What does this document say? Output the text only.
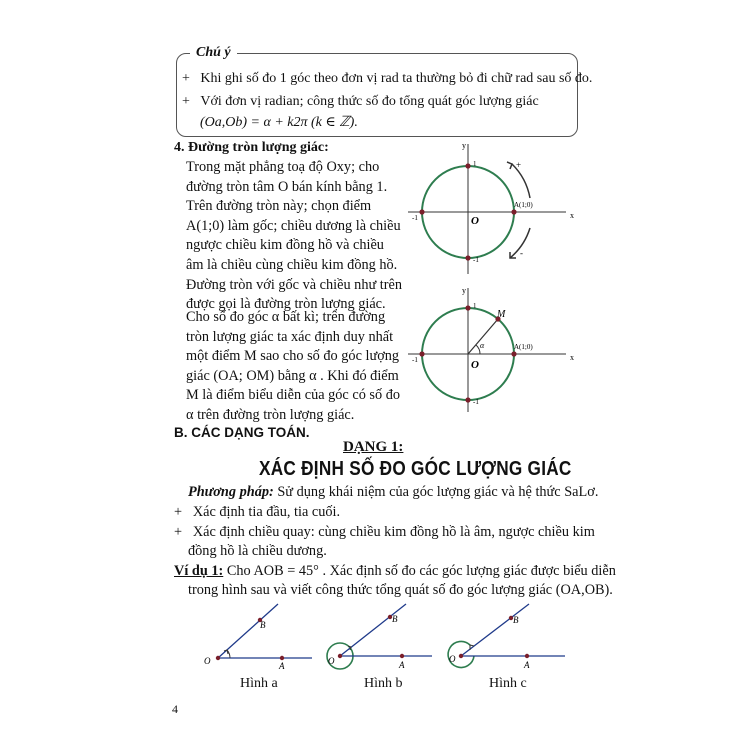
Chú ý
+ Khi ghi số đo 1 góc theo đơn vị rad ta thường bỏ đi chữ rad sau số đo.
+ Với đơn vị radian; công thức số đo tổng quát góc lượng giác
(Oa,Ob) = α + k2π (k ∈ ℤ).
4. Đường tròn lượng giác:
Trong mặt phẳng toạ độ Oxy; cho
đường tròn tâm O bán kính bằng 1.
Trên đường tròn này; chọn điểm
A(1;0) làm gốc; chiều dương là chiều
ngược chiều kim đồng hồ và chiều
âm là chiều cùng chiều kim đồng hồ.
Đường tròn với gốc và chiều như trên
được gọi là đường tròn lượng giác.
Cho số đo góc α bất kì; trên đường
tròn lượng giác ta xác định duy nhất
một điểm M sao cho số đo góc lượng
giác (OA; OM) bằng α . Khi đó điểm
M là điểm biểu diễn của góc có số đo
α trên đường tròn lượng giác.
y
x
1
-1
-1	O
A(1;0)
+
-
y
x
1
-1
-1	O
A(1;0)
M
α
B. CÁC DẠNG TOÁN.
DẠNG 1:
XÁC ĐỊNH SỐ ĐO GÓC LƯỢNG GIÁC
Phương pháp: Sử dụng khái niệm của góc lượng giác và hệ thức SaLơ.
+ Xác định tia đầu, tia cuối.
+ Xác định chiều quay: cùng chiều kim đồng hồ là âm, ngược chiều kim
đồng hồ là chiều dương.
Ví dụ 1: Cho AOB = 45° . Xác định số đo các góc lượng giác được biểu diễn
trong hình sau và viết công thức tổng quát số đo góc lượng giác (OA,OB).
O	A
B
Hình a
O	A
B
Hình b
O
A
B
Hình c
4
